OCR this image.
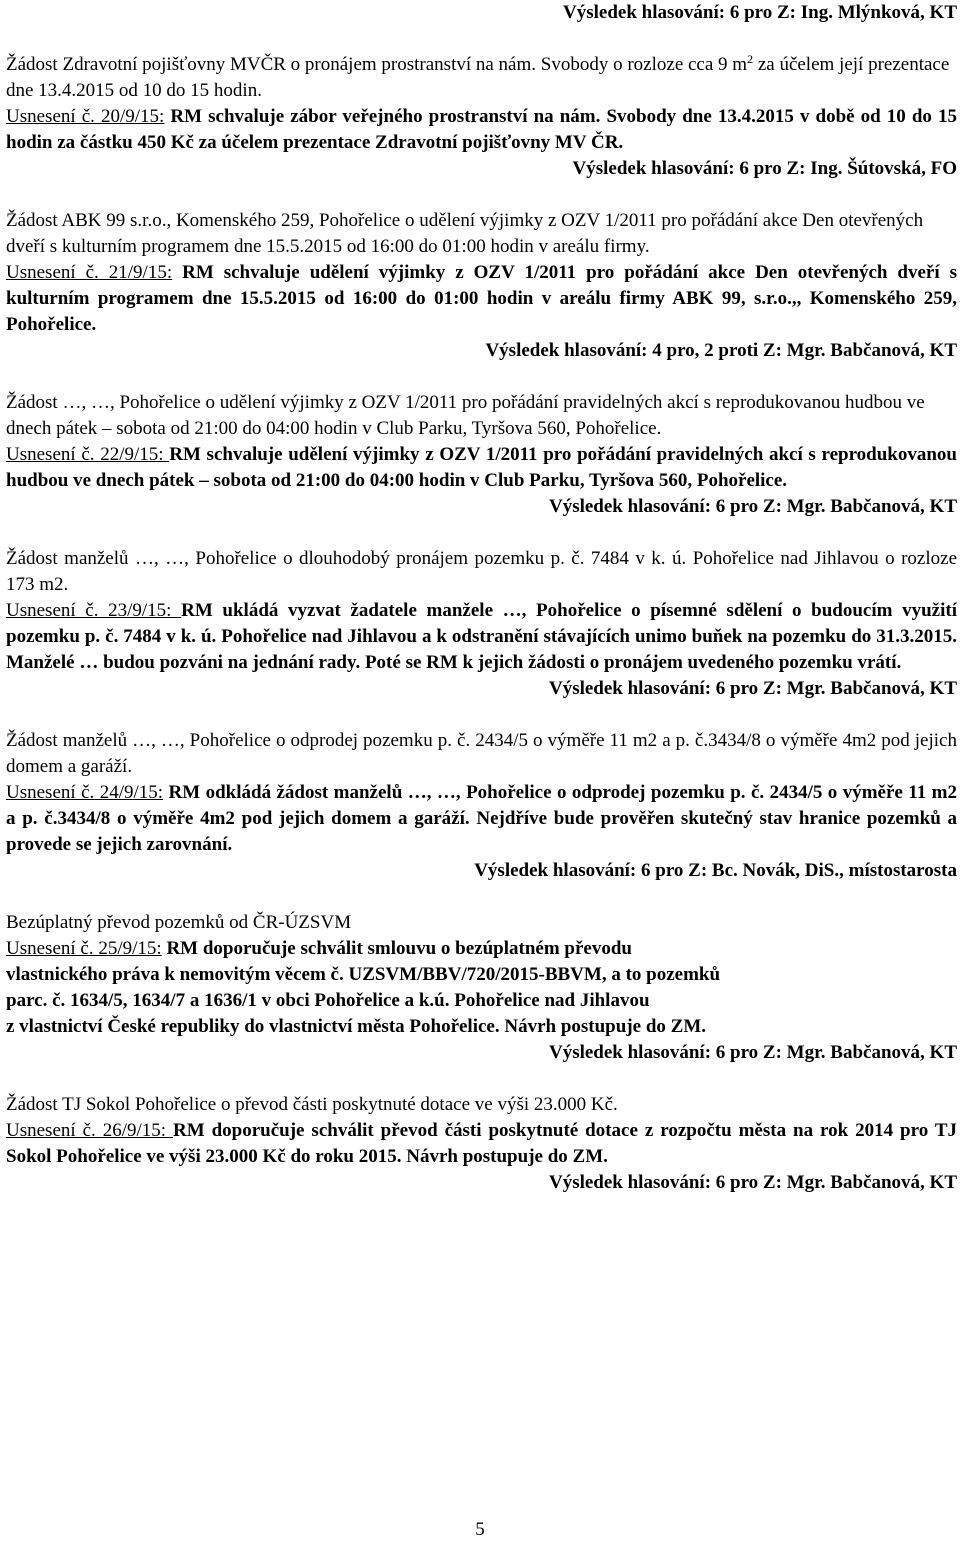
Výsledek hlasování: 6 pro Z: Ing. Mlýnková, KT

Žádost Zdravotní pojišťovny MVČR o pronájem prostranství na nám. Svobody o rozloze cca 9 $m^2$ za účelem její prezentace dne 13.4.2015 od 10 do 15 hodin.

Usnesení č. 20/9/15: RM schvaluje zábor veřejného prostranství na nám. Svobody dne 13.4.2015 v době od 10 do 15 hodin za částku 450 Kč za účelem prezentace Zdravotní pojišťovny MV ČR.

Výsledek hlasování: 6 pro Z: Ing. Šútovská, FO

Žádost ABK 99 s.r.o., Komenského 259, Pohořelice o udělení výjimky z OZV 1/2011 pro pořádání akce Den otevřených dveří s kulturním programem dne 15.5.2015 od 16:00 do 01:00 hodin v areálu firmy.

Usnesení č. 21/9/15: RM schvaluje udělení výjimky z OZV 1/2011 pro pořádání akce Den otevřených dveří s kulturním programem dne 15.5.2015 od 16:00 do 01:00 hodin v areálu firmy ABK 99, s.r.o.,, Komenského 259, Pohořelice.

Výsledek hlasování: 4 pro, 2 proti Z: Mgr. Babčanová, KT

Žádost …, …, Pohořelice o udělení výjimky z OZV 1/2011 pro pořádání pravidelných akcí s reprodukovanou hudbou ve dnech pátek – sobota od 21:00 do 04:00 hodin v Club Parku, Tyršova 560, Pohořelice.

Usnesení č. 22/9/15: RM schvaluje udělení výjimky z OZV 1/2011 pro pořádání pravidelných akcí s reprodukovanou hudbou ve dnech pátek – sobota od 21:00 do 04:00 hodin v Club Parku, Tyršova 560, Pohořelice.

Výsledek hlasování: 6 pro Z: Mgr. Babčanová, KT

Žádost manželů …, …, Pohořelice o dlouhodobý pronájem pozemku p. č. 7484 v k. ú. Pohořelice nad Jihlavou o rozloze 173 m2.

Usnesení č. 23/9/15: RM ukládá vyzvat žadatele manžele …, Pohořelice o písemné sdělení o budoucím využití pozemku p. č. 7484 v k. ú. Pohořelice nad Jihlavou a k odstranění stávajících unimo buňek na pozemku do 31.3.2015. Manželé … budou pozváni na jednání rady. Poté se RM k jejich žádosti o pronájem uvedeného pozemku vrátí.

Výsledek hlasování: 6 pro Z: Mgr. Babčanová, KT

Žádost manželů …, …, Pohořelice o odprodej pozemku p. č. 2434/5 o výměře 11 m2 a p. č.3434/8 o výměře 4m2 pod jejich domem a garáží.

Usnesení č. 24/9/15: RM odkládá žádost manželů …, …, Pohořelice o odprodej pozemku p. č. 2434/5 o výměře 11 m2 a p. č.3434/8 o výměře 4m2 pod jejich domem a garáží. Nejdříve bude prověřen skutečný stav hranice pozemků a provede se jejich zarovnání.

Výsledek hlasování: 6 pro Z: Bc. Novák, DiS., místostarosta

Bezúplatný převod pozemků od ČR-ÚZSVM

Usnesení č. 25/9/15: RM doporučuje schválit smlouvu o bezúplatném převodu

vlastnického práva k nemovitým věcem č. UZSVM/BBV/720/2015-BBVM, a to pozemků

parc. č. 1634/5, 1634/7 a 1636/1 v obci Pohořelice a k.ú. Pohořelice nad Jihlavou

z vlastnictví České republiky do vlastnictví města Pohořelice. Návrh postupuje do ZM.

Výsledek hlasování: 6 pro Z: Mgr. Babčanová, KT

Žádost TJ Sokol Pohořelice o převod části poskytnuté dotace ve výši 23.000 Kč.

Usnesení č. 26/9/15: RM doporučuje schválit převod části poskytnuté dotace z rozpočtu města na rok 2014 pro TJ Sokol Pohořelice ve výši 23.000 Kč do roku 2015. Návrh postupuje do ZM.

Výsledek hlasování: 6 pro Z: Mgr. Babčanová, KT

5
